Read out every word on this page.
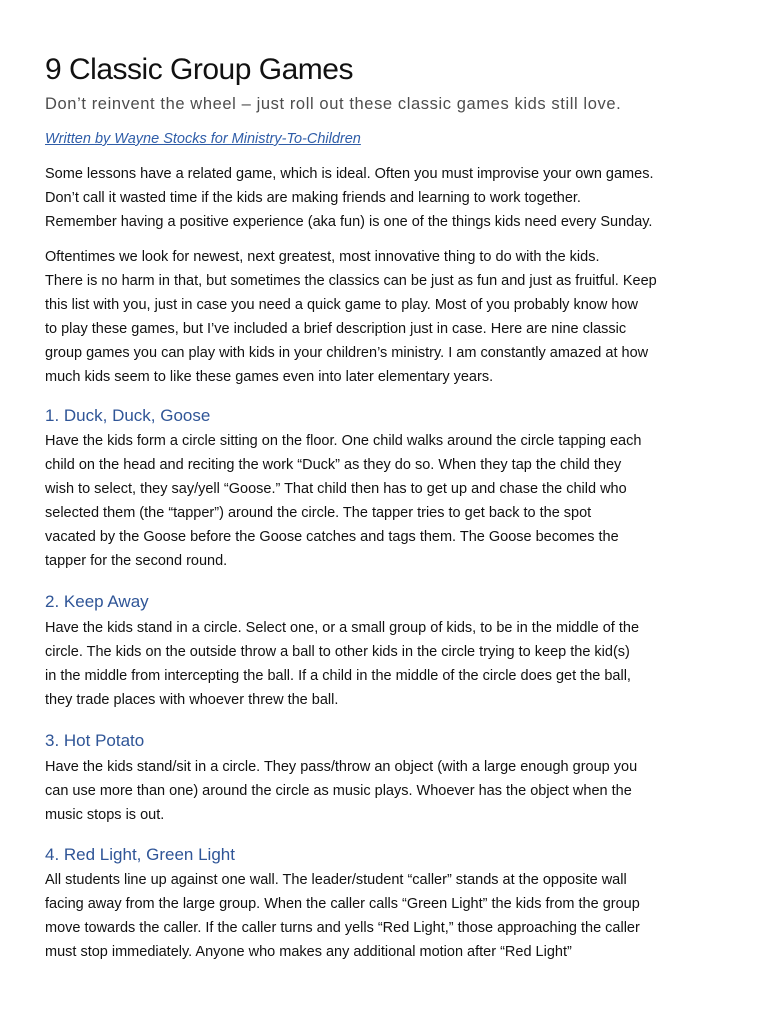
9 Classic Group Games

Don’t reinvent the wheel – just roll out these classic games kids still love.

Written by Wayne Stocks for Ministry-To-Children

Some lessons have a related game, which is ideal. Often you must improvise your own games.
Don’t call it wasted time if the kids are making friends and learning to work together.
Remember having a positive experience (aka fun) is one of the things kids need every Sunday.

Oftentimes we look for newest, next greatest, most innovative thing to do with the kids.
There is no harm in that, but sometimes the classics can be just as fun and just as fruitful. Keep
this list with you, just in case you need a quick game to play. Most of you probably know how
to play these games, but I’ve included a brief description just in case. Here are nine classic
group games you can play with kids in your children’s ministry. I am constantly amazed at how
much kids seem to like these games even into later elementary years.

1. Duck, Duck, Goose

Have the kids form a circle sitting on the floor. One child walks around the circle tapping each
child on the head and reciting the work “Duck” as they do so. When they tap the child they
wish to select, they say/yell “Goose.” That child then has to get up and chase the child who
selected them (the “tapper”) around the circle. The tapper tries to get back to the spot
vacated by the Goose before the Goose catches and tags them. The Goose becomes the
tapper for the second round.

2. Keep Away

Have the kids stand in a circle. Select one, or a small group of kids, to be in the middle of the
circle. The kids on the outside throw a ball to other kids in the circle trying to keep the kid(s)
in the middle from intercepting the ball. If a child in the middle of the circle does get the ball,
they trade places with whoever threw the ball.

3. Hot Potato

Have the kids stand/sit in a circle. They pass/throw an object (with a large enough group you
can use more than one) around the circle as music plays. Whoever has the object when the
music stops is out.

4. Red Light, Green Light

All students line up against one wall. The leader/student “caller” stands at the opposite wall
facing away from the large group. When the caller calls “Green Light” the kids from the group
move towards the caller. If the caller turns and yells “Red Light,” those approaching the caller
must stop immediately. Anyone who makes any additional motion after “Red Light”
